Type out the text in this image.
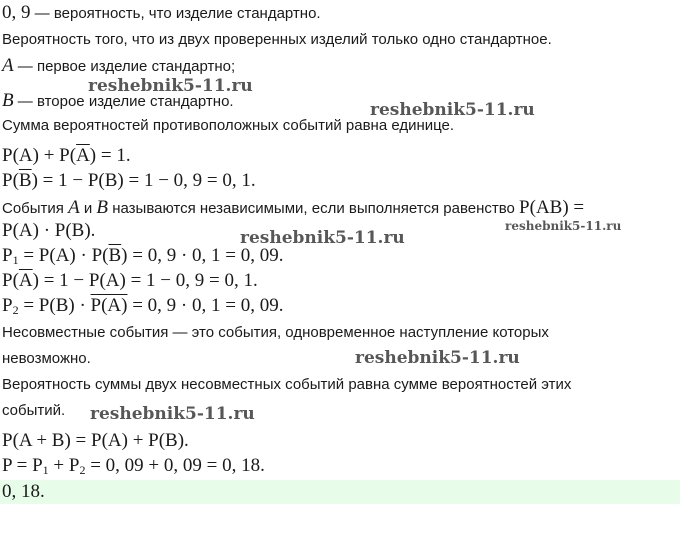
0, 9 — вероятность, что изделие стандартно.
Вероятность того, что из двух проверенных изделий только одно стандартное.
A — первое изделие стандартно;
B — второе изделие стандартно.
Сумма вероятностей противоположных событий равна единице.
$P(A) + P(\overline{A}) = 1$.
$P(\overline{B}) = 1 - P(B) = 1 - 0$, 9 = 0, 1.
События A и B называются независимыми, если выполняется равенство P(AB) =
P(A) · P(B).
$P_1 = P(A) \cdot P(\overline{B}) = 0$, 9 · 0, 1 = 0, 09.
$P(\overline{A}) = 1 - P(A) = 1 - 0$, 9 = 0, 1.
$P_2 = P(B) \cdot P(A) = 0$, 9 · 0, 1 = 0, 09.
Несовместные события — это события, одновременное наступление которых
невозможно.
Вероятность суммы двух несовместных событий равна сумме вероятностей этих
событий.
P(A + B) = P(A) + P(B).
$P = P_1 + P_2 = 0$, 09 + 0, 09 = 0, 18.
0, 18.
reshebnik5-11.ru
reshebnik5-11.ru
reshebnik5-11.ru
reshebnik5-11.ru
reshebnik5-11.ru
reshebnik5-11.ru
